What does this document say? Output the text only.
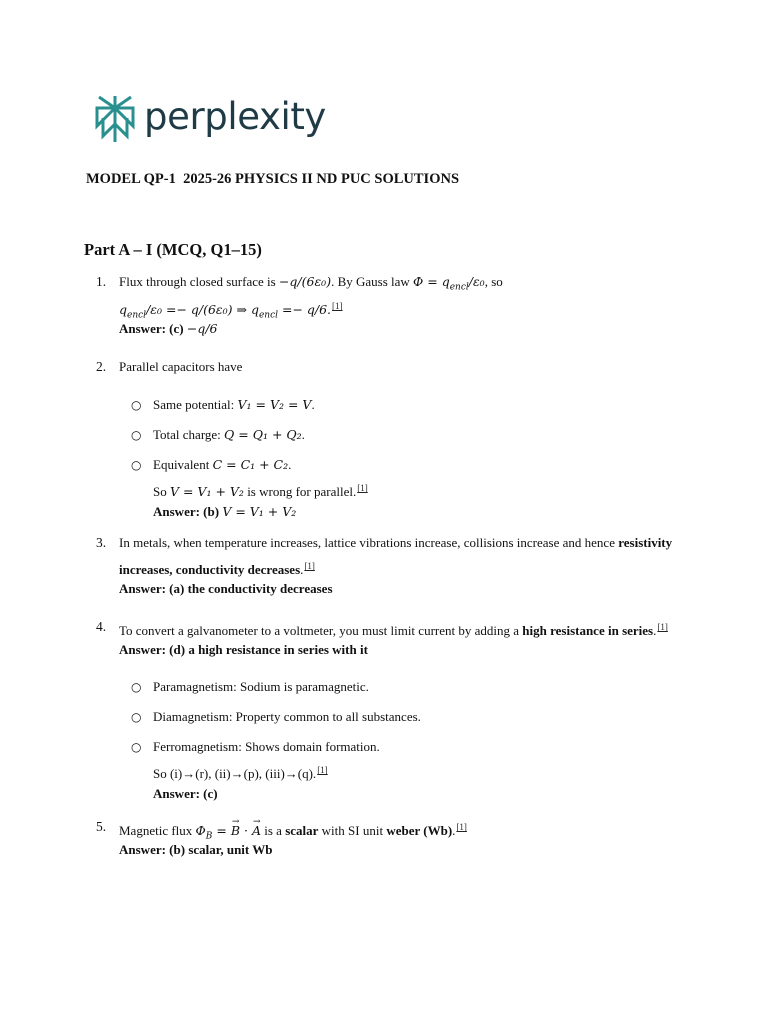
perplexity
MODEL QP-1  2025-26 PHYSICS II ND PUC SOLUTIONS
Part A – I (MCQ, Q1–15)
1. Flux through closed surface is −q/(6ε₀). By Gauss law $\Phi = q_{encl}/\varepsilon_0$, so
$q_{encl}/\varepsilon_0 =- q/(6\varepsilon_0)$ ⇒ $q_{encl} =- q/6.[1]$
Answer: (c) −q/6
2. Parallel capacitors have
○ Same potential: V₁ = V₂ = V.
○ Total charge: Q = Q₁ + Q₂.
○ Equivalent C = C₁ + C₂.
So V = V₁ + V₂ is wrong for parallel.[1]
Answer: (b) V = V₁ + V₂
3. In metals, when temperature increases, lattice vibrations increase, collisions increase and hence resistivity
increases, conductivity decreases.[1]
Answer: (a) the conductivity decreases
4. To convert a galvanometer to a voltmeter, you must limit current by adding a high resistance in series.[1]
Answer: (d) a high resistance in series with it
○ Paramagnetism: Sodium is paramagnetic.
○ Diamagnetism: Property common to all substances.
○ Ferromagnetism: Shows domain formation.
So (i)→(r), (ii)→(p), (iii)→(q).[1]
Answer: (c)
5. Magnetic flux $\Phi_B$ = → B · → A is a scalar with SI unit weber (Wb).[1]
Answer: (b) scalar, unit Wb
